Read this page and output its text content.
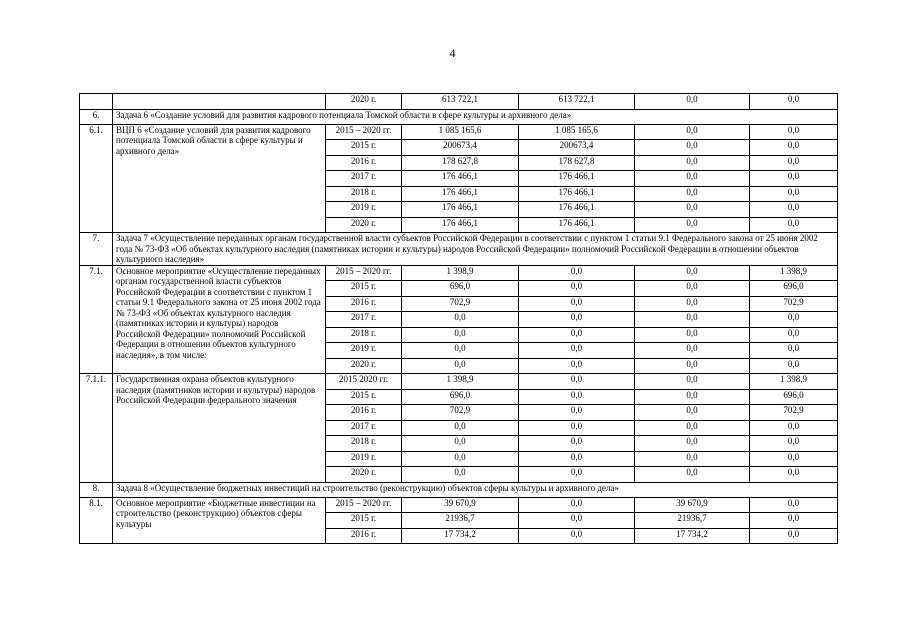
4
		2020 г.	613 722,1	613 722,1	0,0	0,0
6.	Задача 6 «Создание условий для развития кадрового потенциала Томской области в сфере культуры и архивного дела»					
6.1.	ВЦП 6 «Создание условий для развития кадрового потенциала Томской области в сфере культуры и архивного дела»	2015 – 2020 гг.	1 085 165,6	1 085 165,6	0,0	0,0
		2015 г.	200673,4	200673,4	0,0	0,0
		2016 г.	178 627,8	178 627,8	0,0	0,0
		2017 г.	176 466,1	176 466,1	0,0	0,0
		2018 г.	176 466,1	176 466,1	0,0	0,0
		2019 г.	176 466,1	176 466,1	0,0	0,0
		2020 г.	176 466,1	176 466,1	0,0	0,0
7.	Задача 7 «Осуществление переданных органам государственной власти субъектов Российской Федерации в соответствии с пунктом 1 статьи 9.1 Федерального закона от 25 июня 2002 года № 73-ФЗ «Об объектах культурного наследия (памятниках истории и культуры) народов Российской Федерации» полномочий Российской Федерации в отношении объектов культурного наследия»					
7.1.	Основное мероприятие «Осуществление переданных органам государственной власти субъектов Российской Федерации в соответствии с пунктом 1 статьи 9.1 Федерального закона от 25 июня 2002 года № 73-ФЗ «Об объектах культурного наследия (памятниках истории и культуры) народов Российской Федерации» полномочий Российской Федерации в отношении объектов культурного наследия», в том числе:	2015 – 2020 гг.	1 398,9	0,0	0,0	1 398,9
		2015 г.	696,0	0,0	0,0	696,0
		2016 г.	702,9	0,0	0,0	702,9
		2017 г.	0,0	0,0	0,0	0,0
		2018 г.	0,0	0,0	0,0	0,0
		2019 г.	0,0	0,0	0,0	0,0
		2020 г.	0,0	0,0	0,0	0,0
7.1.1.	Государственная охрана объектов культурного наследия (памятников истории и культуры) народов Российской Федерации федерального значения	2015 2020 гг.	1 398,9	0,0	0,0	1 398,9
		2015 г.	696,0	0,0	0,0	696,0
		2016 г.	702,9	0,0	0,0	702,9
		2017 г.	0,0	0,0	0,0	0,0
		2018 г.	0,0	0,0	0,0	0,0
		2019 г.	0,0	0,0	0,0	0,0
		2020 г.	0,0	0,0	0,0	0,0
8.	Задача 8 «Осуществление бюджетных инвестиций на строительство (реконструкцию) объектов сферы культуры и архивного дела»					
8.1.	Основное мероприятие «Бюджетные инвестиции на строительство (реконструкцию) объектов сферы культуры	2015 – 2020 гг.	39 670,9	0,0	39 670,9	0,0
		2015 г.	21936,7	0,0	21936,7	0,0
		2016 г.	17 734,2	0,0	17 734,2	0,0
